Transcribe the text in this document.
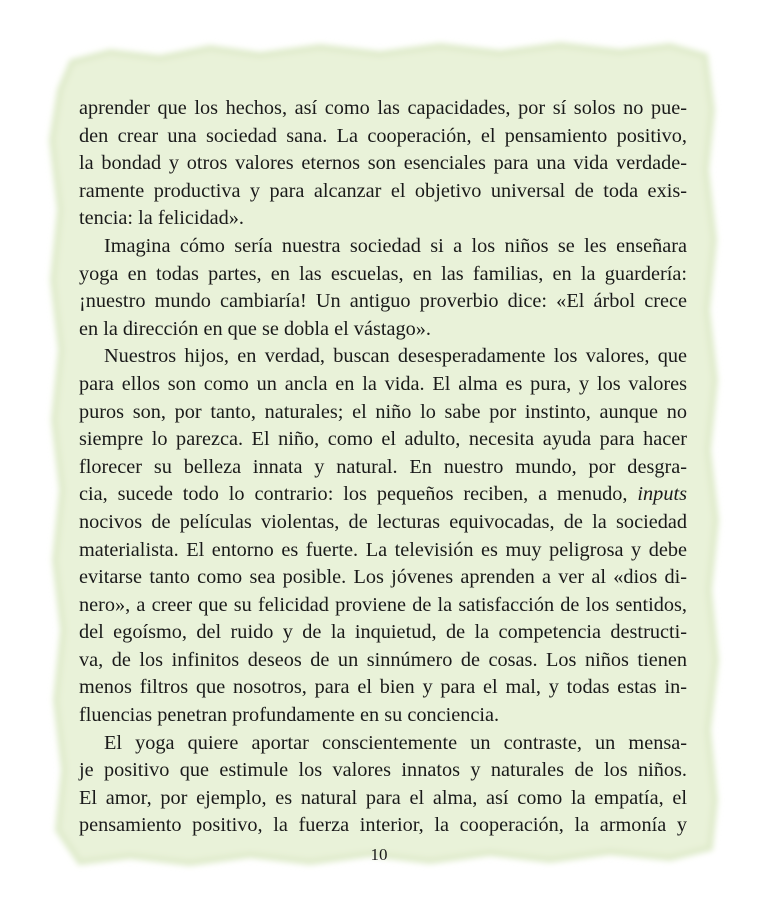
aprender que los hechos, así como las capacidades, por sí solos no pue-
den crear una sociedad sana. La cooperación, el pensamiento positivo,
la bondad y otros valores eternos son esenciales para una vida verdade-
ramente productiva y para alcanzar el objetivo universal de toda exis-
tencia: la felicidad».

Imagina cómo sería nuestra sociedad si a los niños se les enseñara
yoga en todas partes, en las escuelas, en las familias, en la guardería:
¡nuestro mundo cambiaría! Un antiguo proverbio dice: «El árbol crece
en la dirección en que se dobla el vástago».

Nuestros hijos, en verdad, buscan desesperadamente los valores, que
para ellos son como un ancla en la vida. El alma es pura, y los valores
puros son, por tanto, naturales; el niño lo sabe por instinto, aunque no
siempre lo parezca. El niño, como el adulto, necesita ayuda para hacer
florecer su belleza innata y natural. En nuestro mundo, por desgra-
cia, sucede todo lo contrario: los pequeños reciben, a menudo, inputs
nocivos de películas violentas, de lecturas equivocadas, de la sociedad
materialista. El entorno es fuerte. La televisión es muy peligrosa y debe
evitarse tanto como sea posible. Los jóvenes aprenden a ver al «dios di-
nero», a creer que su felicidad proviene de la satisfacción de los sentidos,
del egoísmo, del ruido y de la inquietud, de la competencia destructi-
va, de los infinitos deseos de un sinnúmero de cosas. Los niños tienen
menos filtros que nosotros, para el bien y para el mal, y todas estas in-
fluencias penetran profundamente en su conciencia.

El yoga quiere aportar conscientemente un contraste, un mensa-
je positivo que estimule los valores innatos y naturales de los niños.
El amor, por ejemplo, es natural para el alma, así como la empatía, el
pensamiento positivo, la fuerza interior, la cooperación, la armonía y

10
